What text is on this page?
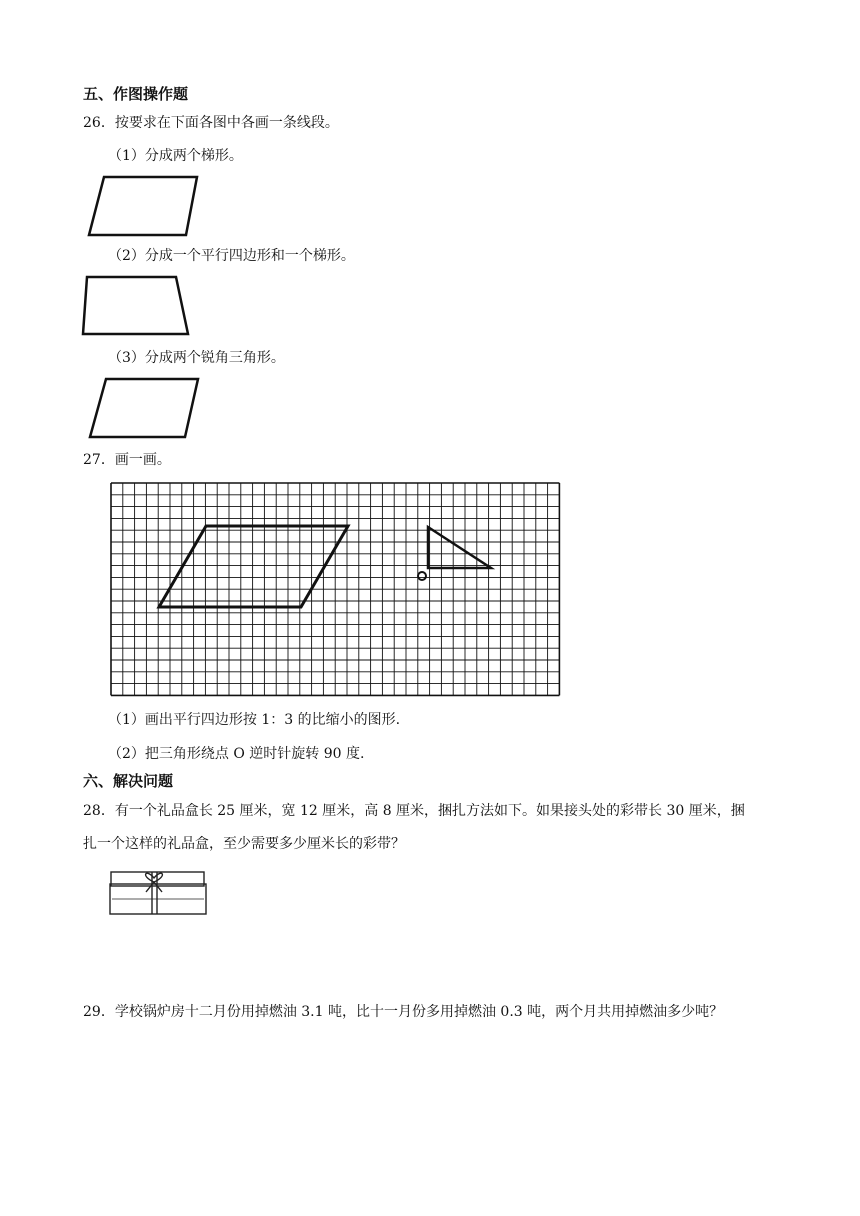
五、作图操作题
26．按要求在下面各图中各画一条线段。
（1）分成两个梯形。
（2）分成一个平行四边形和一个梯形。
（3）分成两个锐角三角形。
27．画一画。
（1）画出平行四边形按 1：3 的比缩小的图形.
（2）把三角形绕点 O 逆时针旋转 90 度.
六、解决问题
28．有一个礼品盒长 25 厘米，宽 12 厘米，高 8 厘米，捆扎方法如下。如果接头处的彩带长 30 厘米，捆
扎一个这样的礼品盒，至少需要多少厘米长的彩带？
29．学校锅炉房十二月份用掉燃油 3.1 吨，比十一月份多用掉燃油 0.3 吨，两个月共用掉燃油多少吨？
